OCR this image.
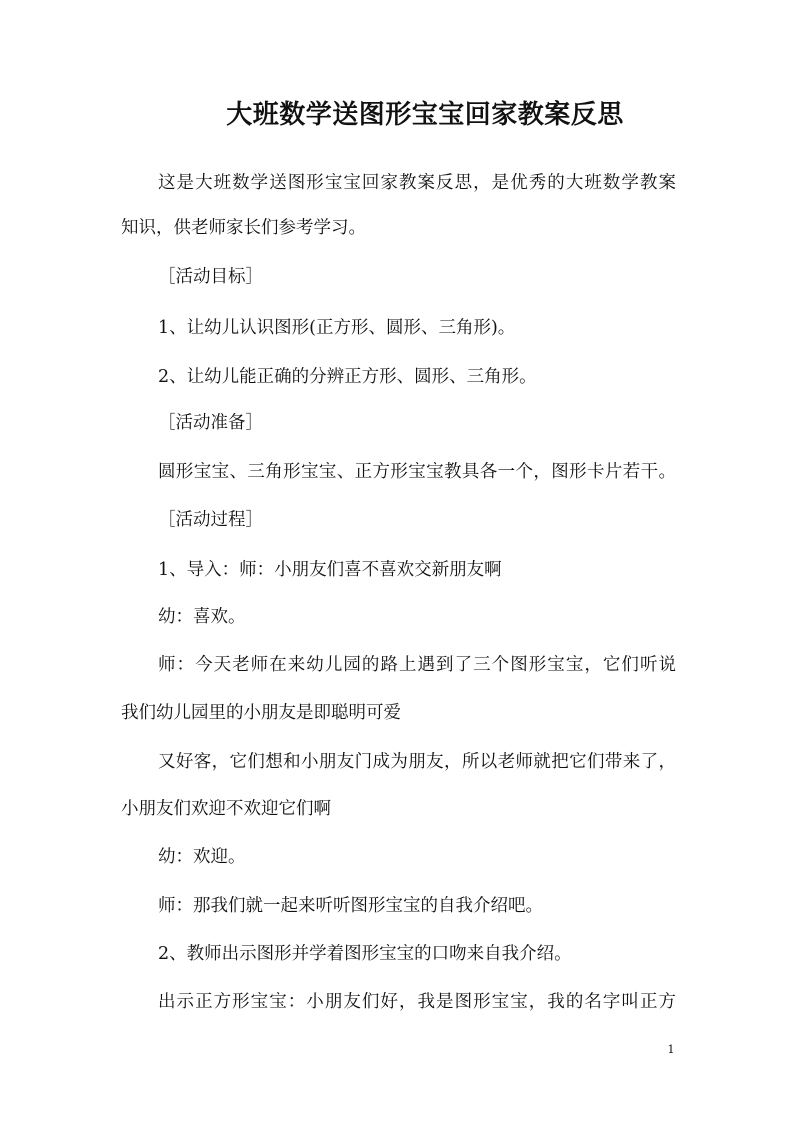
大班数学送图形宝宝回家教案反思
这是大班数学送图形宝宝回家教案反思，是优秀的大班数学教案
知识，供老师家长们参考学习。
［活动目标］
1、让幼儿认识图形(正方形、圆形、三角形)。
2、让幼儿能正确的分辨正方形、圆形、三角形。
［活动准备］
圆形宝宝、三角形宝宝、正方形宝宝教具各一个，图形卡片若干。
［活动过程］
1、导入：师：小朋友们喜不喜欢交新朋友啊
幼：喜欢。
师：今天老师在来幼儿园的路上遇到了三个图形宝宝，它们听说
我们幼儿园里的小朋友是即聪明可爱
又好客，它们想和小朋友门成为朋友，所以老师就把它们带来了，
小朋友们欢迎不欢迎它们啊
幼：欢迎。
师：那我们就一起来听听图形宝宝的自我介绍吧。
2、教师出示图形并学着图形宝宝的口吻来自我介绍。
出示正方形宝宝：小朋友们好，我是图形宝宝，我的名字叫正方
1
